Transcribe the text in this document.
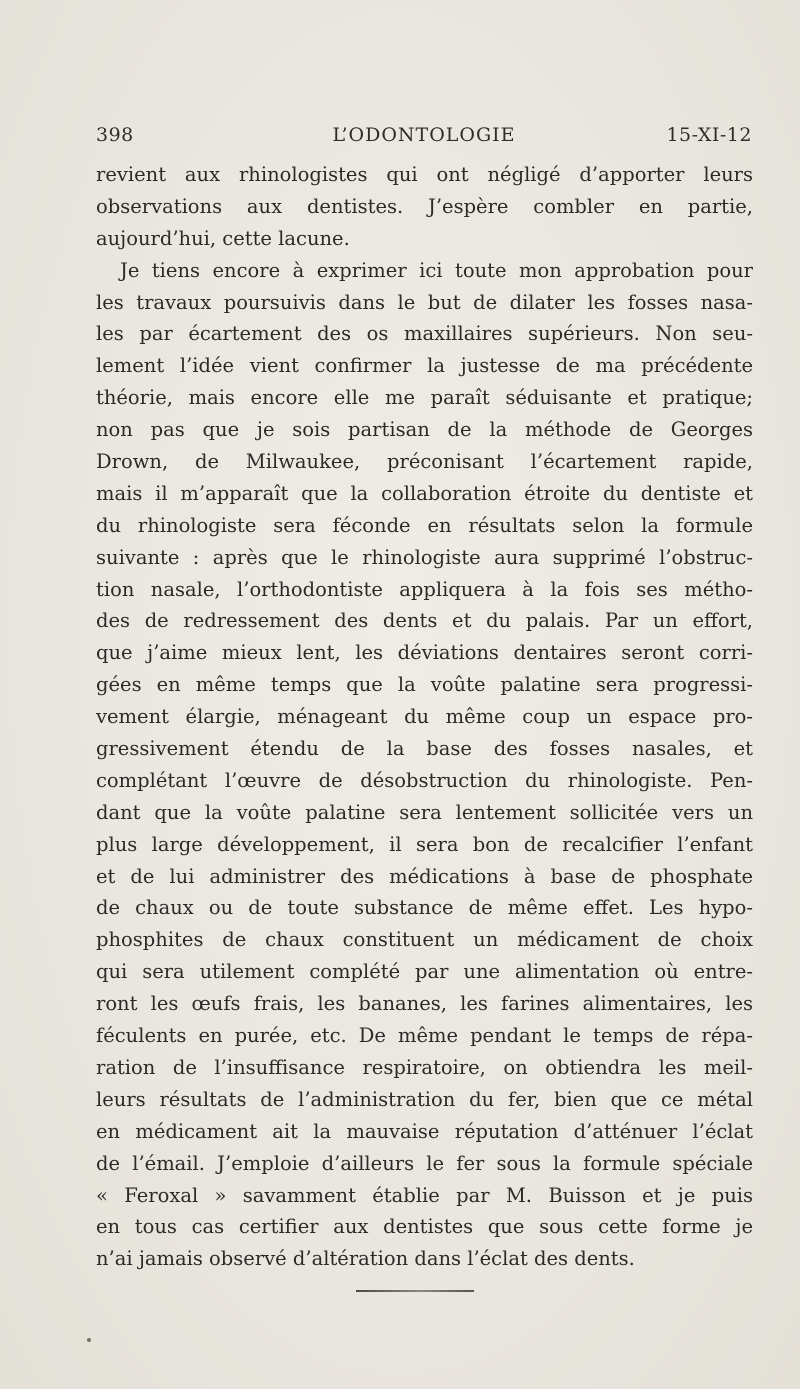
398	L’ODONTOLOGIE	15-XI-12
revient aux rhinologistes qui ont négligé d’apporter leurs
observations aux dentistes. J’espère combler en partie,
aujourd’hui, cette lacune.
Je tiens encore à exprimer ici toute mon approbation pour
les travaux poursuivis dans le but de dilater les fosses nasa-
les par écartement des os maxillaires supérieurs. Non seu-
lement l’idée vient confirmer la justesse de ma précédente
théorie, mais encore elle me paraît séduisante et pratique;
non pas que je sois partisan de la méthode de Georges
Drown, de Milwaukee, préconisant l’écartement rapide,
mais il m’apparaît que la collaboration étroite du dentiste et
du rhinologiste sera féconde en résultats selon la formule
suivante : après que le rhinologiste aura supprimé l’obstruc-
tion nasale, l’orthodontiste appliquera à la fois ses métho-
des de redressement des dents et du palais. Par un effort,
que j’aime mieux lent, les déviations dentaires seront corri-
gées en même temps que la voûte palatine sera progressi-
vement élargie, ménageant du même coup un espace pro-
gressivement étendu de la base des fosses nasales, et
complétant l’œuvre de désobstruction du rhinologiste. Pen-
dant que la voûte palatine sera lentement sollicitée vers un
plus large développement, il sera bon de recalcifier l’enfant
et de lui administrer des médications à base de phosphate
de chaux ou de toute substance de même effet. Les hypo-
phosphites de chaux constituent un médicament de choix
qui sera utilement complété par une alimentation où entre-
ront les œufs frais, les bananes, les farines alimentaires, les
féculents en purée, etc. De même pendant le temps de répa-
ration de l’insuffisance respiratoire, on obtiendra les meil-
leurs résultats de l’administration du fer, bien que ce métal
en médicament ait la mauvaise réputation d’atténuer l’éclat
de l’émail. J’emploie d’ailleurs le fer sous la formule spéciale
« Feroxal » savamment établie par M. Buisson et je puis
en tous cas certifier aux dentistes que sous cette forme je
n’ai jamais observé d’altération dans l’éclat des dents.
